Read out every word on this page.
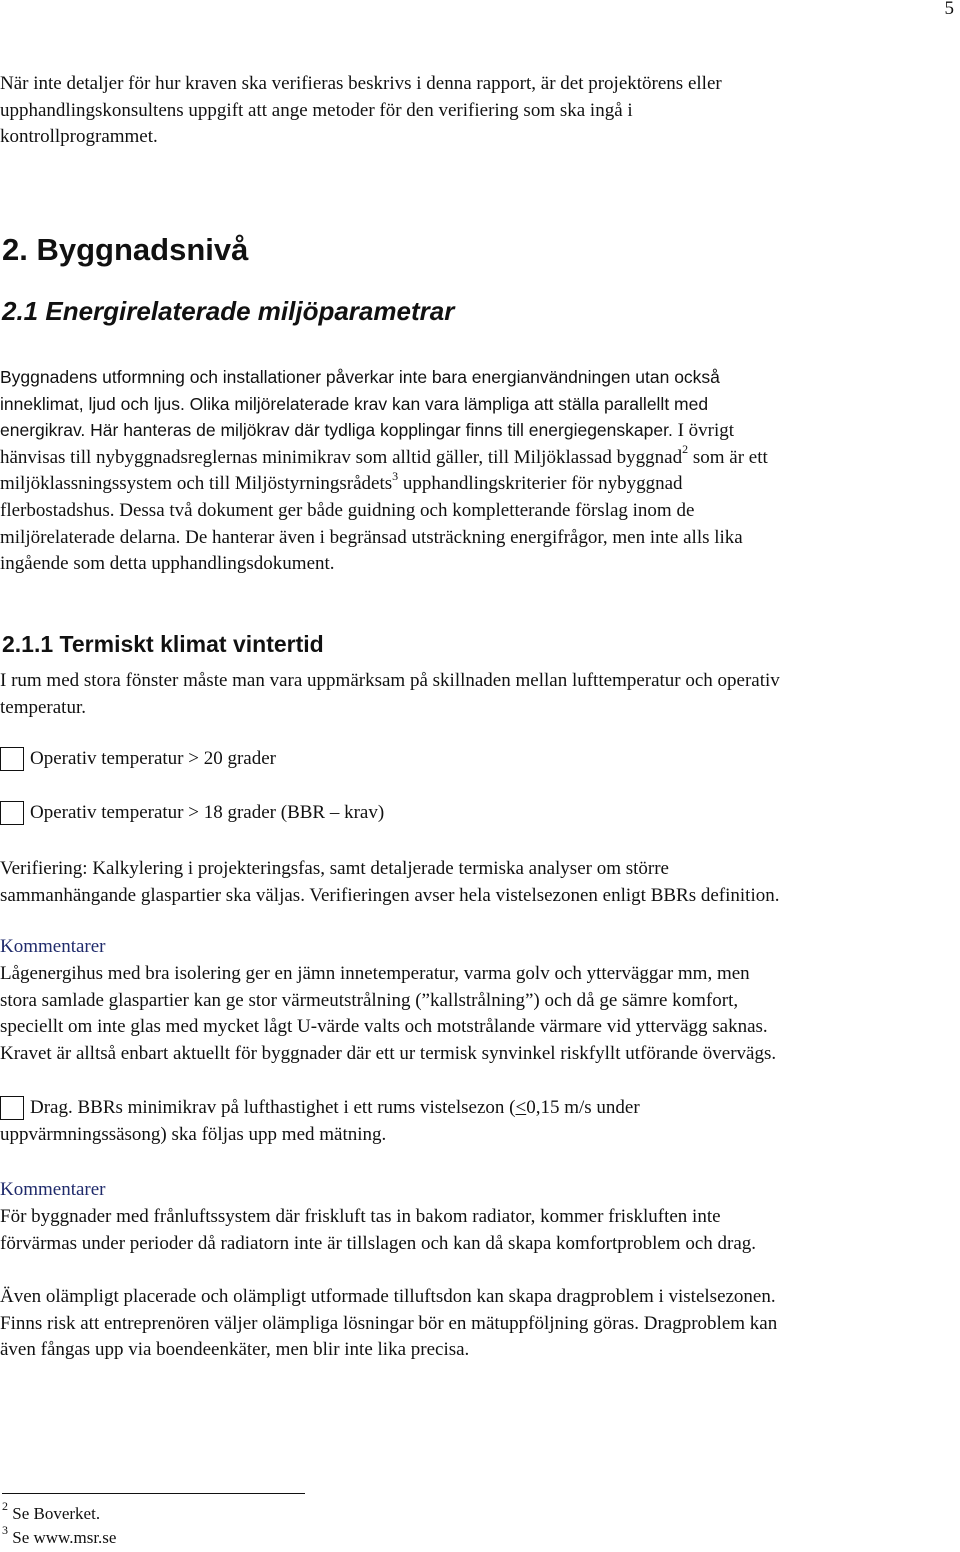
5
När inte detaljer för hur kraven ska verifieras beskrivs i denna rapport, är det projektörens eller
upphandlingskonsultens uppgift att ange metoder för den verifiering som ska ingå i
kontrollprogrammet.
2. Byggnadsnivå
2.1 Energirelaterade miljöparametrar
Byggnadens utformning och installationer påverkar inte bara energianvändningen utan också
inneklimat, ljud och ljus. Olika miljörelaterade krav kan vara lämpliga att ställa parallellt med
energikrav. Här hanteras de miljökrav där tydliga kopplingar finns till energiegenskaper. I övrigt
hänvisas till nybyggnadsreglernas minimikrav som alltid gäller, till Miljöklassad byggnad$^2$ som är ett
miljöklassningssystem och till Miljöstyrningsrådets$^3$ upphandlingskriterier för nybyggnad
flerbostadshus. Dessa två dokument ger både guidning och kompletterande förslag inom de
miljörelaterade delarna. De hanterar även i begränsad utsträckning energifrågor, men inte alls lika
ingående som detta upphandlingsdokument.
2.1.1 Termiskt klimat vintertid
I rum med stora fönster måste man vara uppmärksam på skillnaden mellan lufttemperatur och operativ
temperatur.
Operativ temperatur > 20 grader
Operativ temperatur > 18 grader (BBR – krav)
Verifiering: Kalkylering i projekteringsfas, samt detaljerade termiska analyser om större
sammanhängande glaspartier ska väljas. Verifieringen avser hela vistelsezonen enligt BBRs definition.
Kommentarer
Lågenergihus med bra isolering ger en jämn innetemperatur, varma golv och ytterväggar mm, men
stora samlade glaspartier kan ge stor värmeutstrålning (”kallstrålning”) och då ge sämre komfort,
speciellt om inte glas med mycket lågt U-värde valts och motstrålande värmare vid yttervägg saknas.
Kravet är alltså enbart aktuellt för byggnader där ett ur termisk synvinkel riskfyllt utförande övervägs.
Drag. BBRs minimikrav på lufthastighet i ett rums vistelsezon ( ≤ 0,15 m/s under
uppvärmningssäsong) ska följas upp med mätning.
Kommentarer
För byggnader med frånluftssystem där friskluft tas in bakom radiator, kommer friskluften inte
förvärmas under perioder då radiatorn inte är tillslagen och kan då skapa komfortproblem och drag.
Även olämpligt placerade och olämpligt utformade tilluftsdon kan skapa dragproblem i vistelsezonen.
Finns risk att entreprenören väljer olämpliga lösningar bör en mätuppföljning göras. Dragproblem kan
även fångas upp via boendeenkäter, men blir inte lika precisa.
$^2$ Se Boverket.
$^3$ Se www.msr.se
